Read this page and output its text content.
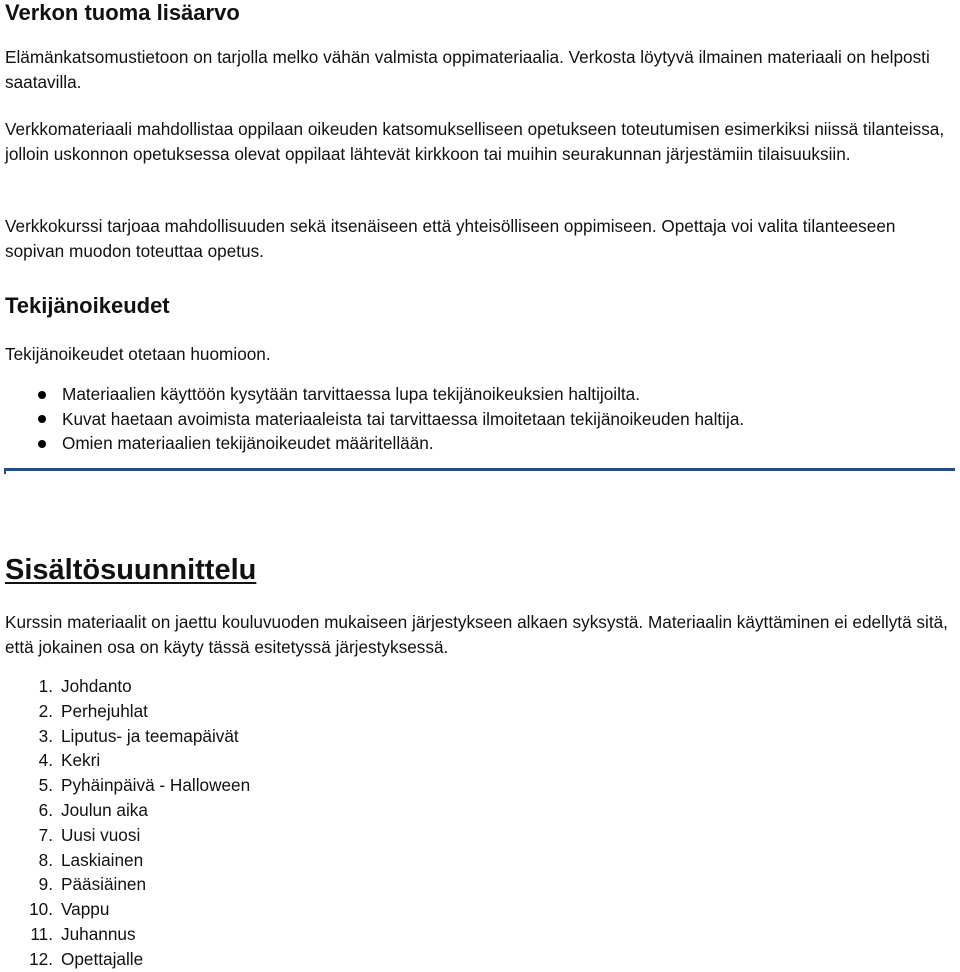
Verkon tuoma lisäarvo

Elämänkatsomustietoon on tarjolla melko vähän valmista oppimateriaalia. Verkosta löytyvä ilmainen materiaali on helposti saatavilla.

Verkkomateriaali mahdollistaa oppilaan oikeuden katsomukselliseen opetukseen toteutumisen esimerkiksi niissä tilanteissa, jolloin uskonnon opetuksessa olevat oppilaat lähtevät kirkkoon tai muihin seurakunnan järjestämiin tilaisuuksiin.

Verkkokurssi tarjoaa mahdollisuuden sekä itsenäiseen että yhteisölliseen oppimiseen. Opettaja voi valita tilanteeseen sopivan muodon toteuttaa opetus.

Tekijänoikeudet

Tekijänoikeudet otetaan huomioon.

Materiaalien käyttöön kysytään tarvittaessa lupa tekijänoikeuksien haltijoilta.
Kuvat haetaan avoimista materiaaleista tai tarvittaessa ilmoitetaan tekijänoikeuden haltija.
Omien materiaalien tekijänoikeudet määritellään.
Sisältösuunnittelu

Kurssin materiaalit on jaettu kouluvuoden mukaiseen järjestykseen alkaen syksystä. Materiaalin käyttäminen ei edellytä sitä, että jokainen osa on käyty tässä esitetyssä järjestyksessä.

1. Johdanto
2. Perhejuhlat
3. Liputus- ja teemapäivät
4. Kekri
5. Pyhäinpäivä - Halloween
6. Joulun aika
7. Uusi vuosi
8. Laskiainen
9. Pääsiäinen
10. Vappu
11. Juhannus
12. Opettajalle
